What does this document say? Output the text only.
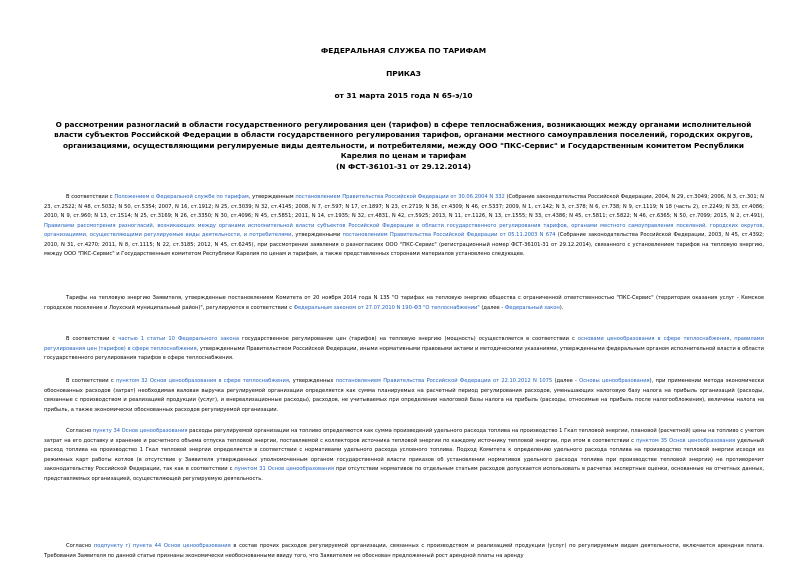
ФЕДЕРАЛЬНАЯ СЛУЖБА ПО ТАРИФАМ
ПРИКАЗ
от 31 марта 2015 года N 65-э/10
О рассмотрении разногласий в области государственного регулирования цен (тарифов) в сфере теплоснабжения, возникающих между органами исполнительной власти субъектов Российской Федерации в области государственного регулирования тарифов, органами местного самоуправления поселений, городских округов, организациями, осуществляющими регулируемые виды деятельности, и потребителями, между ООО "ПКС-Сервис" и Государственным комитетом Республики Карелия по ценам и тарифам
(N ФСТ-36101-31 от 29.12.2014)

В соответствии с Положением о Федеральной службе по тарифам, утвержденным постановлением Правительства Российской Федерации от 30.06.2004 N 332 (Собрание законодательства Российской Федерации, 2004, N 29, ст.3049; 2006, N 3, ст.301; N 23, ст.2522; N 48, ст.5032; N 50, ст.5354; 2007, N 16, ст.1912; N 25, ст.3039; N 32, ст.4145; 2008, N 7, ст.597; N 17, ст.1897; N 23, ст.2719; N 38, ст.4309; N 46, ст.5337; 2009, N 1, ст.142; N 3, ст.378; N 6, ст.738; N 9, ст.1119; N 18 (часть 2), ст.2249; N 33, ст.4086; 2010, N 9, ст.960; N 13, ст.1514; N 25, ст.3169; N 26, ст.3350; N 30, ст.4096; N 45, ст.5851; 2011, N 14, ст.1935; N 32, ст.4831, N 42, ст.5925; 2013, N 11, ст.1126, N 13, ст.1555; N 33, ст.4386; N 45, ст.5811; ст.5822; N 46, ст.6365; N 50, ст.7099; 2015, N 2, ст.491), Правилами рассмотрения разногласий, возникающих между органами исполнительной власти субъектов Российской Федерации в области государственного регулирования тарифов, органами местного самоуправления поселений, городских округов, организациями, осуществляющими регулируемые виды деятельности, и потребителями, утвержденными постановлением Правительства Российской Федерации от 05.11.2003 N 674 (Собрание законодательства Российской Федерации, 2003, N 45, ст.4392; 2010, N 31, ст.4270; 2011, N 8, ст.1115; N 22, ст.3185; 2012, N 45, ст.6245), при рассмотрении заявления о разногласиях ООО "ПКС-Сервис" (регистрационный номер ФСТ-36101-31 от 29.12.2014), связанного с установлением тарифов на тепловую энергию, между ООО "ПКС-Сервис" и Государственным комитетом Республики Карелия по ценам и тарифам, а также представленных сторонами материалов установлено следующее.

Тарифы на тепловую энергию Заявителя, утвержденные постановлением Комитета от 20 ноября 2014 года N 135 "О тарифах на тепловую энергию общества с ограниченной ответственностью "ПКС-Сервис" (территория оказания услуг - Кемское городское поселение и Лоухский муниципальный район)", регулируются в соответствии с Федеральным законом от 27.07.2010 N 190-ФЗ "О теплоснабжении" (далее - Федеральный закон).

В соответствии с частью 1 статьи 10 Федерального закона государственное регулирование цен (тарифов) на тепловую энергию (мощность) осуществляется в соответствии с основами ценообразования в сфере теплоснабжения, правилами регулирования цен (тарифов) в сфере теплоснабжения, утвержденными Правительством Российской Федерации, иными нормативными правовыми актами и методическими указаниями, утвержденными федеральным органом исполнительной власти в области государственного регулирования тарифов в сфере теплоснабжения.

В соответствии с пунктом 32 Основ ценообразования в сфере теплоснабжения, утвержденных постановлением Правительства Российской Федерации от 22.10.2012 N 1075 (далее - Основы ценообразования), при применении метода экономически обоснованных расходов (затрат) необходимая валовая выручка регулируемой организации определяется как сумма планируемых на расчетный период регулирования расходов, уменьшающих налоговую базу налога на прибыль организаций (расходы, связанные с производством и реализацией продукции (услуг), и внереализационные расходы), расходов, не учитываемых при определении налоговой базы налога на прибыль (расходы, относимые на прибыль после налогообложения), величины налога на прибыль, а также экономически обоснованных расходов регулируемой организации.

Согласно пункту 34 Основ ценообразования расходы регулируемой организации на топливо определяются как сумма произведений удельного расхода топлива на производство 1 Гкал тепловой энергии, плановой (расчетной) цены на топливо с учетом затрат на его доставку и хранение и расчетного объема отпуска тепловой энергии, поставляемой с коллекторов источника тепловой энергии по каждому источнику тепловой энергии, при этом в соответствии с пунктом 35 Основ ценообразования удельный расход топлива на производство 1 Гкал тепловой энергии определяется в соответствии с нормативами удельного расхода условного топлива. Подход Комитета к определению удельного расхода топлива на производство тепловой энергии исходя из режимных карт работы котлов (в отсутствие у Заявителя утвержденных уполномоченным органом государственной власти приказов об установлении нормативов удельного расхода топлива при производстве тепловой энергии) не противоречит законодательству Российской Федерации, так как в соответствии с пунктом 31 Основ ценообразования при отсутствии нормативов по отдельным статьям расходов допускается использовать в расчетах экспертные оценки, основанные на отчетных данных, представляемых организацией, осуществляющей регулируемую деятельность.

Согласно подпункту г) пункта 44 Основ ценообразования в состав прочих расходов регулируемой организации, связанных с производством и реализацией продукции (услуг) по регулируемым видам деятельности, включается арендная плата. Требования Заявителя по данной статье признаны экономически необоснованными ввиду того, что Заявителем не обоснован предложенный рост арендной платы на аренду
